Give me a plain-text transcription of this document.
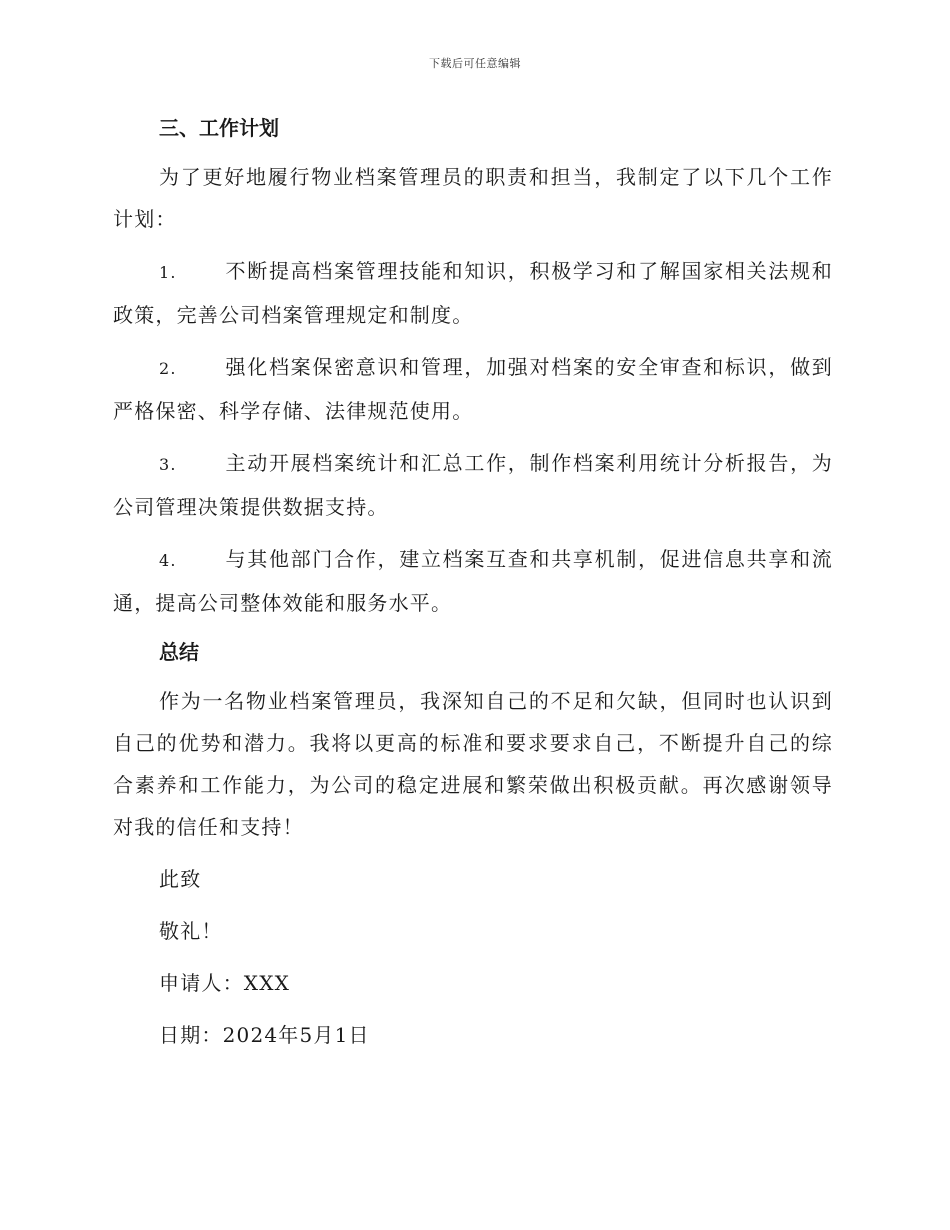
下载后可任意编辑
三、工作计划

为了更好地履行物业档案管理员的职责和担当，我制定了以下几个工作计划：

1. 不断提高档案管理技能和知识，积极学习和了解国家相关法规和政策，完善公司档案管理规定和制度。

2. 强化档案保密意识和管理，加强对档案的安全审查和标识，做到严格保密、科学存储、法律规范使用。

3. 主动开展档案统计和汇总工作，制作档案利用统计分析报告，为公司管理决策提供数据支持。

4. 与其他部门合作，建立档案互查和共享机制，促进信息共享和流通，提高公司整体效能和服务水平。

总结

作为一名物业档案管理员，我深知自己的不足和欠缺，但同时也认识到自己的优势和潜力。我将以更高的标准和要求要求自己，不断提升自己的综合素养和工作能力，为公司的稳定进展和繁荣做出积极贡献。再次感谢领导对我的信任和支持！

此致

敬礼！

申请人：XXX

日期：2024年5月1日
